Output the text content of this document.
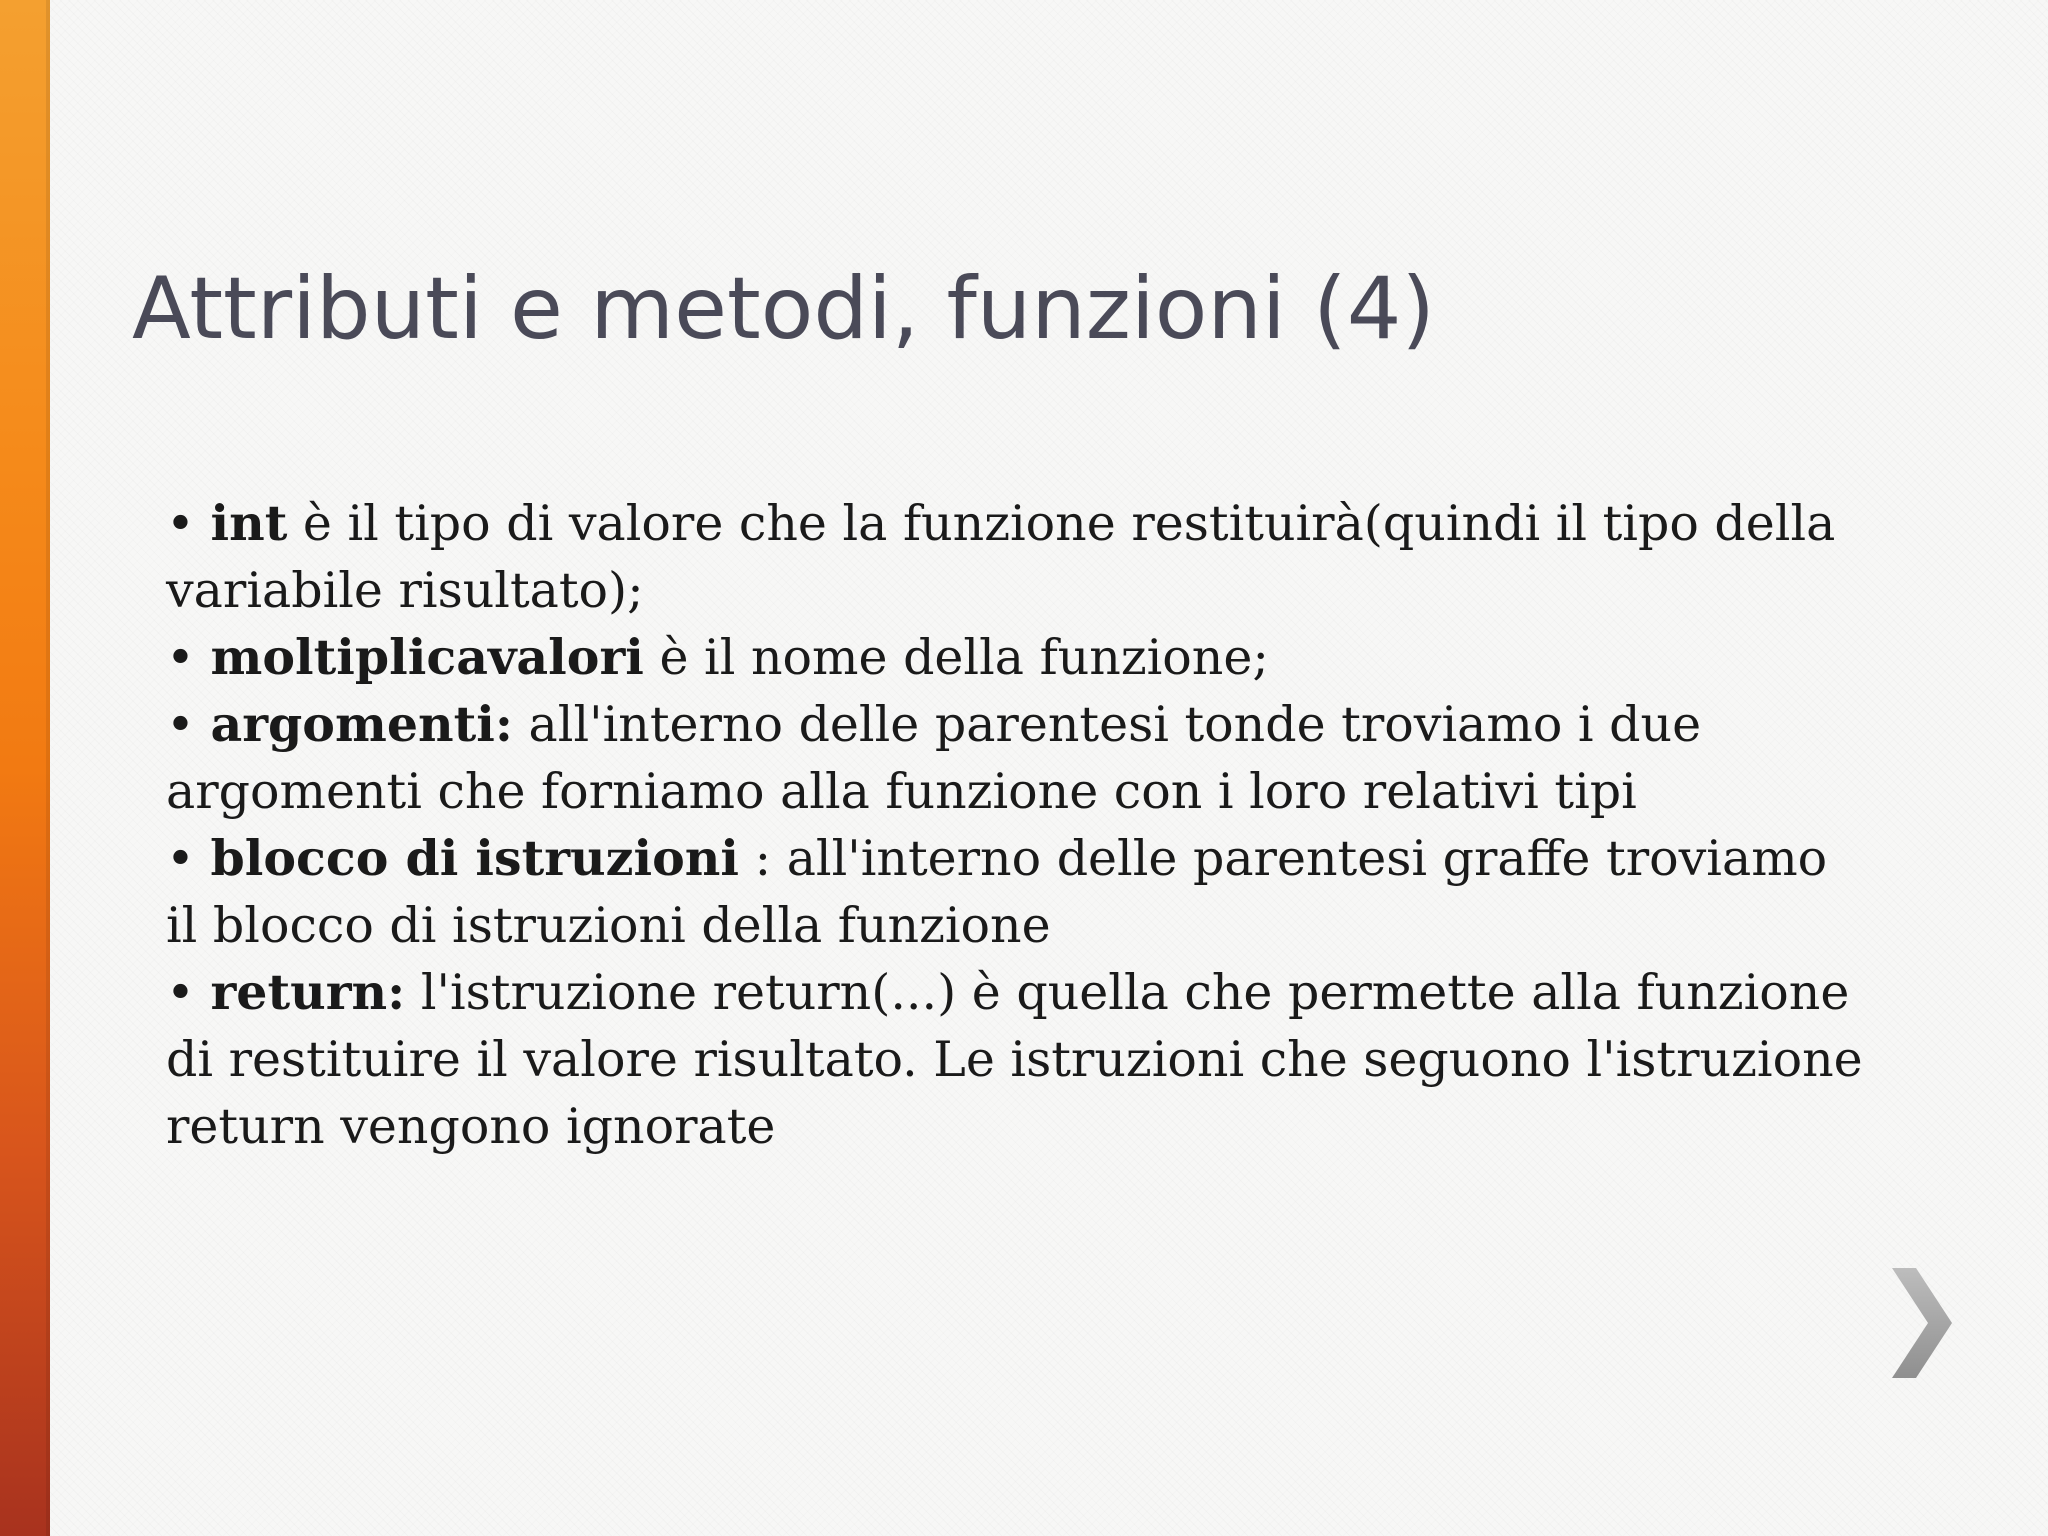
Attributi e metodi, funzioni (4)
• int è il tipo di valore che la funzione restituirà(quindi il tipo della variabile risultato);
• moltiplicavalori è il nome della funzione;
• argomenti: all'interno delle parentesi tonde troviamo i due argomenti che forniamo alla funzione con i loro relativi tipi
• blocco di istruzioni : all'interno delle parentesi graffe troviamo il blocco di istruzioni della funzione
• return: l'istruzione return(...) è quella che permette alla funzione di restituire il valore risultato. Le istruzioni che seguono l'istruzione return vengono ignorate
